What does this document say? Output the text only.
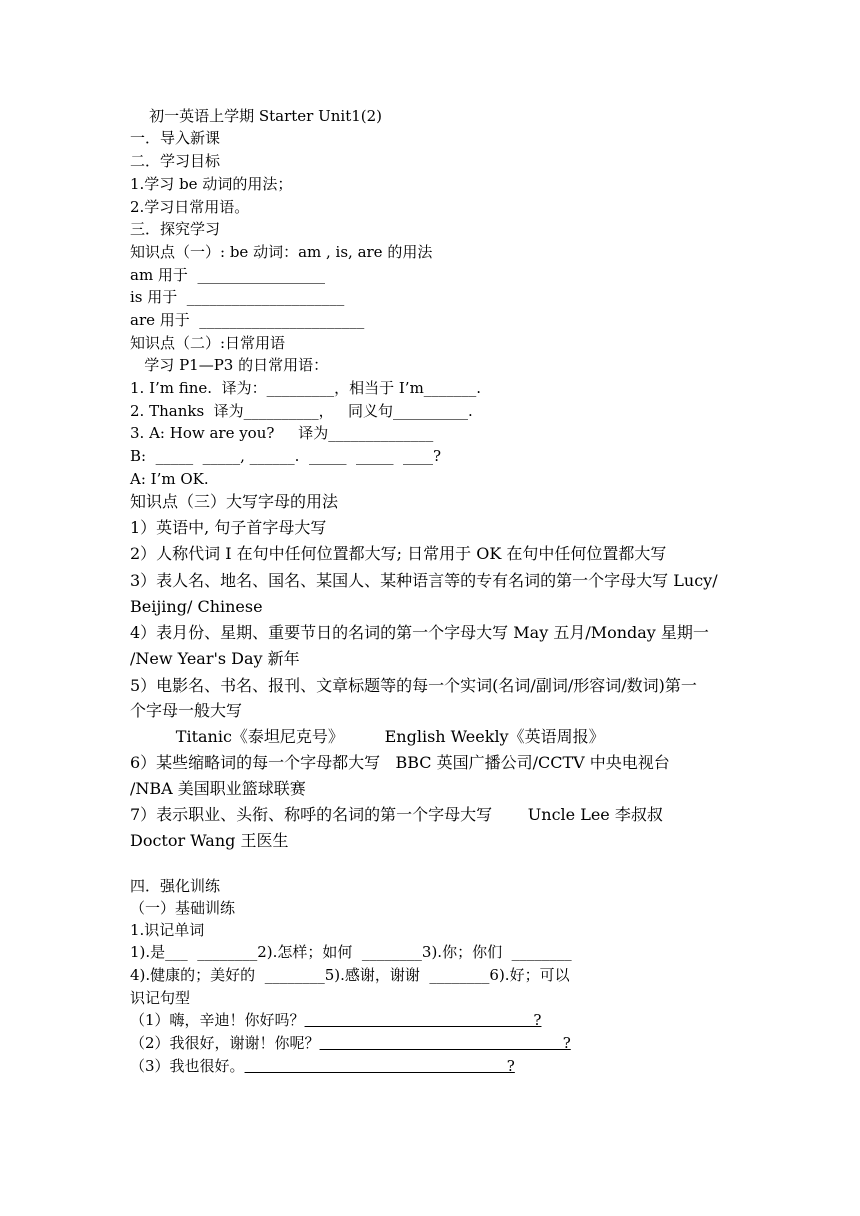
初一英语上学期 Starter Unit1(2)
一．导入新课
二．学习目标
1.学习 be 动词的用法；
2.学习日常用语。
三．探究学习
知识点（一）: be 动词：am , is, are 的用法
am 用于  _________________
is 用于  _____________________
are 用于  ______________________
知识点（二）:日常用语
学习 P1—P3 的日常用语：
1. I’m fine.  译为：_________，相当于 I’m_______.
2. Thanks  译为__________，   同义句__________.
3. A: How are you?     译为______________
B:  _____  _____, ______.  _____  _____  ____?
A: I’m OK.
知识点（三）大写字母的用法
1）英语中, 句子首字母大写
2）人称代词 I 在句中任何位置都大写; 日常用于 OK 在句中任何位置都大写
3）表人名、地名、国名、某国人、某种语言等的专有名词的第一个字母大写 Lucy/
Beijing/ Chinese
4）表月份、星期、重要节日的名词的第一个字母大写 May 五月/Monday 星期一
/New Year's Day 新年
5）电影名、书名、报刊、文章标题等的每一个实词(名词/副词/形容词/数词)第一
个字母一般大写
Titanic《泰坦尼克号》        English Weekly《英语周报》
6）某些缩略词的每一个字母都大写   BBC 英国广播公司/CCTV 中央电视台
/NBA 美国职业篮球联赛
7）表示职业、头衔、称呼的名词的第一个字母大写       Uncle Lee 李叔叔
Doctor Wang 王医生
四．强化训练
（一）基础训练
1.识记单词
1).是___  ________2).怎样；如何  ________3).你；你们  ________
4).健康的；美好的  ________5).感谢，谢谢  ________6).好；可以
识记句型
（1）嗨，辛迪！你好吗？                                                ?
（2）我很好，谢谢！你呢？                                                   ?
（3）我也很好。                                                       ?
